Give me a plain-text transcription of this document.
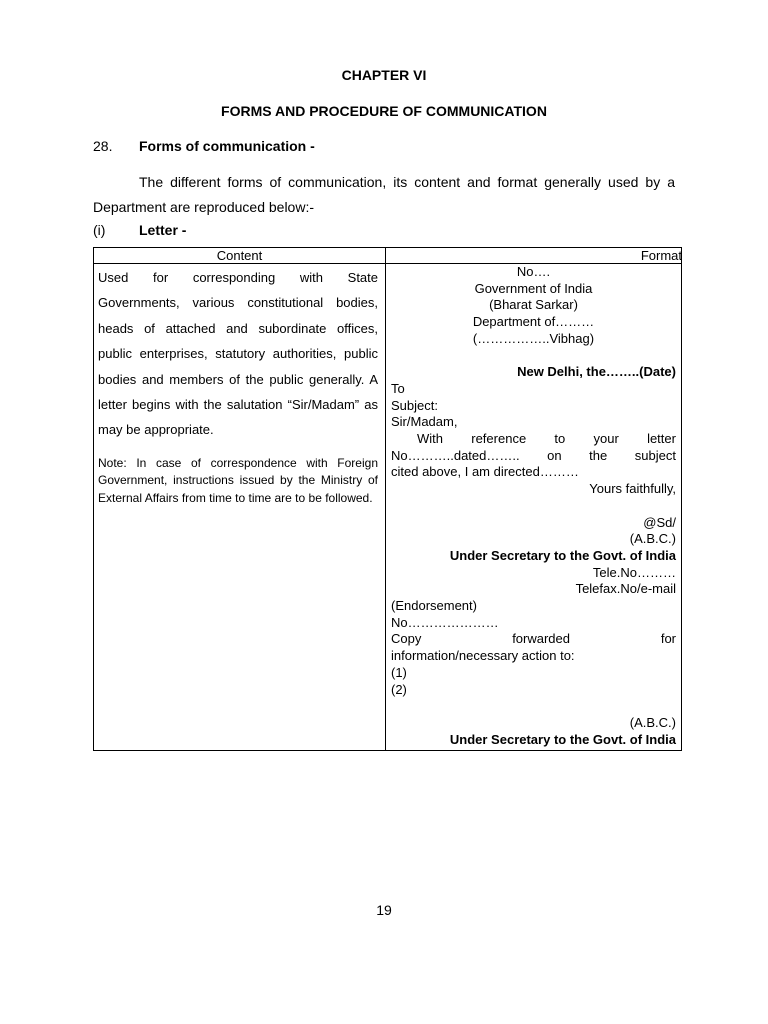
CHAPTER VI
FORMS AND PROCEDURE OF COMMUNICATION
28. Forms of communication -
The different forms of communication, its content and format generally used by a Department are reproduced below:-
(i) Letter -
Content	Format

Used for corresponding with State Governments, various constitutional bodies, heads of attached and subordinate offices, public enterprises, statutory authorities, public bodies and members of the public generally. A letter begins with the salutation “Sir/Madam” as may be appropriate.

Note: In case of correspondence with Foreign Government, instructions issued by the Ministry of External Affairs from time to time are to be followed.

No….
Government of India
(Bharat Sarkar)
Department of………
(……………..Vibhag)
New Delhi, the……..(Date)
To
Subject:
Sir/Madam,
With reference to your letter
No………..dated…….. on the subject
cited above, I am directed………
Yours faithfully,
@Sd/
(A.B.C.)
Under Secretary to the Govt. of India
Tele.No………
Telefax.No/e-mail
(Endorsement)
No…………………
Copy	forwarded	for
information/necessary action to:
(1)
(2)
(A.B.C.)
Under Secretary to the Govt. of India
19
